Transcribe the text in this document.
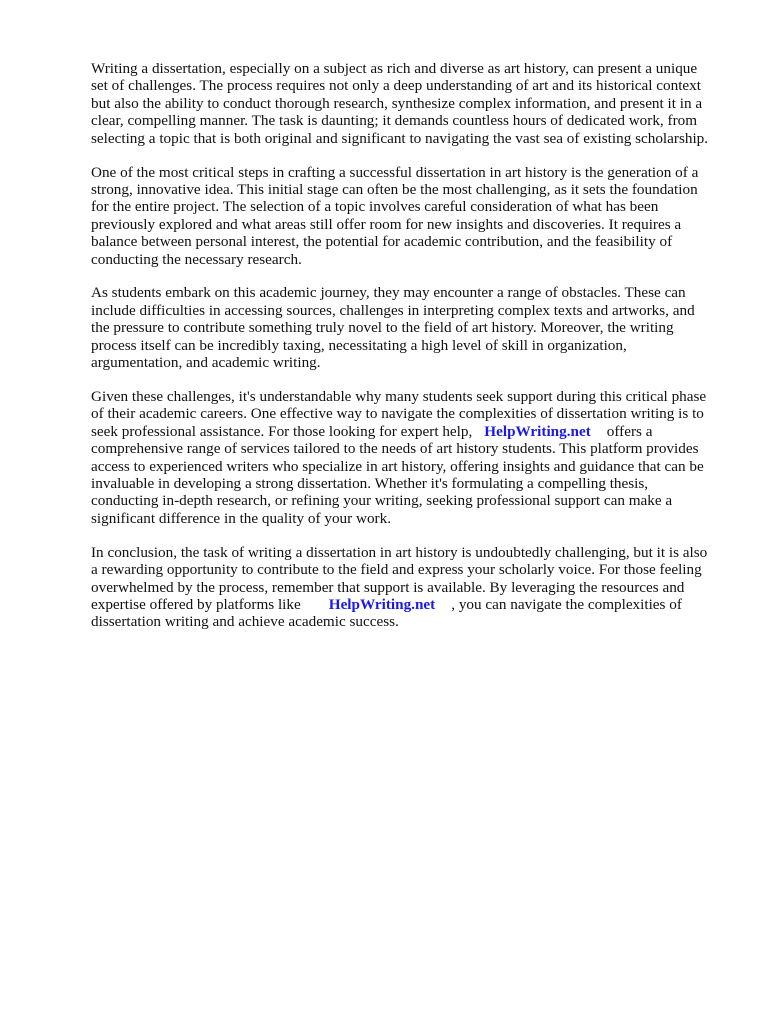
Writing a dissertation, especially on a subject as rich and diverse as art history, can present a unique
set of challenges. The process requires not only a deep understanding of art and its historical context
but also the ability to conduct thorough research, synthesize complex information, and present it in a
clear, compelling manner. The task is daunting; it demands countless hours of dedicated work, from
selecting a topic that is both original and significant to navigating the vast sea of existing scholarship.

One of the most critical steps in crafting a successful dissertation in art history is the generation of a
strong, innovative idea. This initial stage can often be the most challenging, as it sets the foundation
for the entire project. The selection of a topic involves careful consideration of what has been
previously explored and what areas still offer room for new insights and discoveries. It requires a
balance between personal interest, the potential for academic contribution, and the feasibility of
conducting the necessary research.

As students embark on this academic journey, they may encounter a range of obstacles. These can
include difficulties in accessing sources, challenges in interpreting complex texts and artworks, and
the pressure to contribute something truly novel to the field of art history. Moreover, the writing
process itself can be incredibly taxing, necessitating a high level of skill in organization,
argumentation, and academic writing.

Given these challenges, it's understandable why many students seek support during this critical phase
of their academic careers. One effective way to navigate the complexities of dissertation writing is to
seek professional assistance. For those looking for expert help, HelpWriting.net offers a
comprehensive range of services tailored to the needs of art history students. This platform provides
access to experienced writers who specialize in art history, offering insights and guidance that can be
invaluable in developing a strong dissertation. Whether it's formulating a compelling thesis,
conducting in-depth research, or refining your writing, seeking professional support can make a
significant difference in the quality of your work.

In conclusion, the task of writing a dissertation in art history is undoubtedly challenging, but it is also
a rewarding opportunity to contribute to the field and express your scholarly voice. For those feeling
overwhelmed by the process, remember that support is available. By leveraging the resources and
expertise offered by platforms like HelpWriting.net , you can navigate the complexities of
dissertation writing and achieve academic success.
